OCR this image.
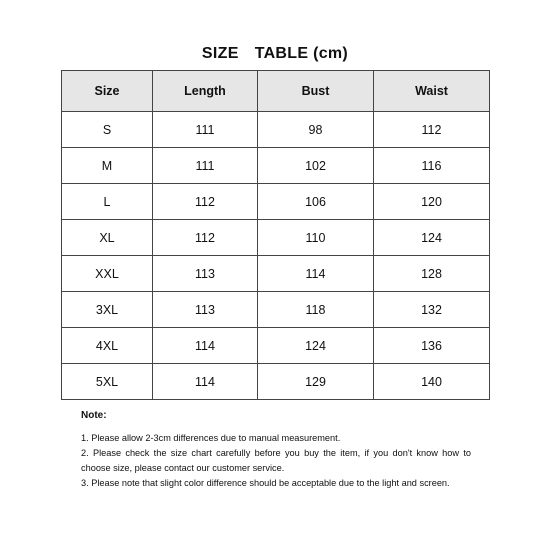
SIZE TABLE (cm)
Size	Length	Bust	Waist
S	111	98	112
M	111	102	116
L	112	106	120
XL	112	110	124
XXL	113	114	128
3XL	113	118	132
4XL	114	124	136
5XL	114	129	140
Note:

1. Please allow 2-3cm differences due to manual measurement.

2. Please check the size chart carefully before you buy the item, if you don't know how to choose size, please contact our customer service.

3. Please note that slight color difference should be acceptable due to the light and screen.
